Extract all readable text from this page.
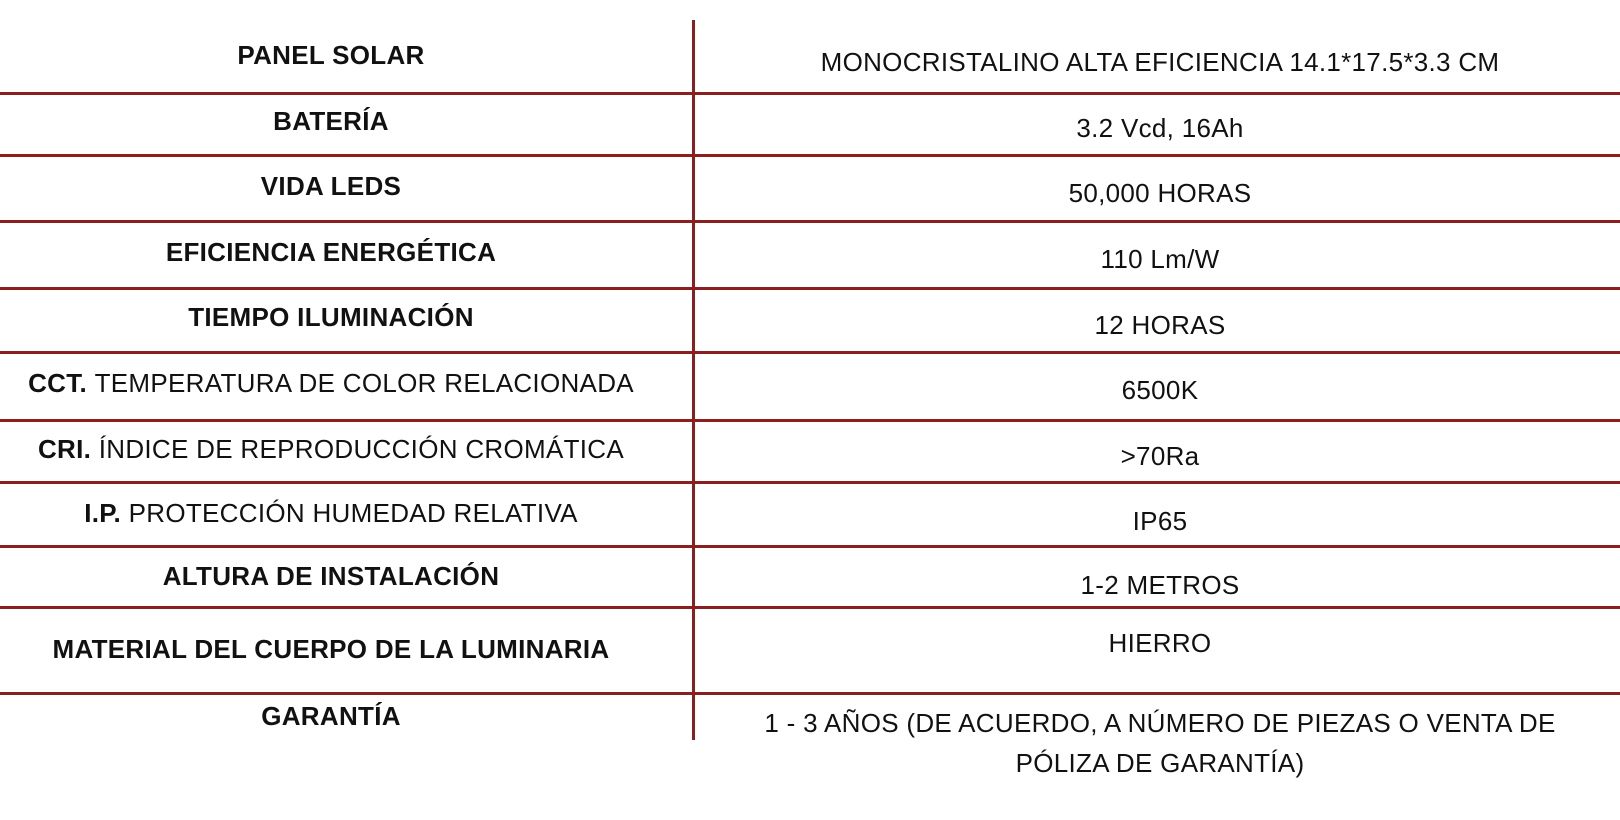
PANEL SOLAR	MONOCRISTALINO ALTA EFICIENCIA 14.1*17.5*3.3 CM
BATERÍA	3.2 Vcd, 16Ah
VIDA LEDS	50,000 HORAS
EFICIENCIA ENERGÉTICA	110 Lm/W
TIEMPO ILUMINACIÓN	12 HORAS
CCT. TEMPERATURA DE COLOR RELACIONADA	6500K
CRI. ÍNDICE DE REPRODUCCIÓN CROMÁTICA	>70Ra
I.P. PROTECCIÓN HUMEDAD RELATIVA	IP65
ALTURA DE INSTALACIÓN	1-2 METROS
MATERIAL DEL CUERPO DE LA LUMINARIA	HIERRO
GARANTÍA	1 - 3 AÑOS (DE ACUERDO, A NÚMERO DE PIEZAS O VENTA DE PÓLIZA DE GARANTÍA)
